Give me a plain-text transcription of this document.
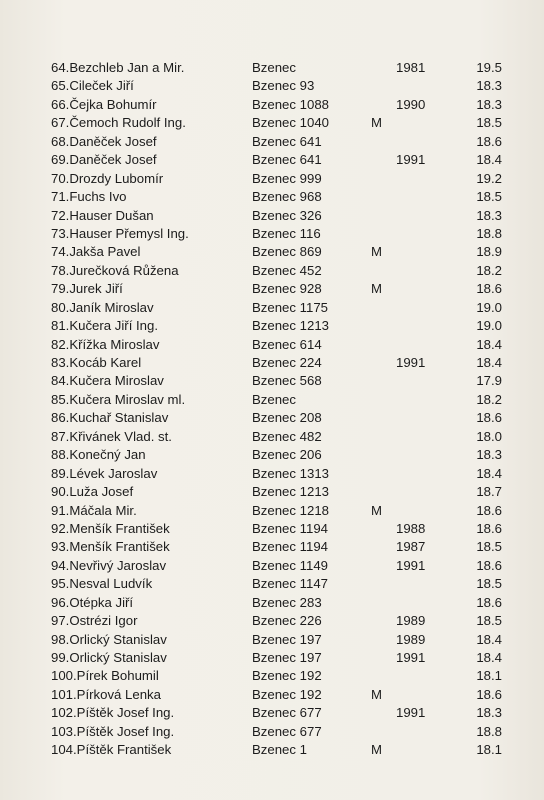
64.Bezchleb Jan a Mir.	Bzenec	1981	19.5
65.Cileček Jiří	Bzenec 93	18.3
66.Čejka Bohumír	Bzenec 1088	1990	18.3
67.Čemoch Rudolf Ing.	Bzenec 1040	M	18.5
68.Daněček Josef	Bzenec 641	18.6
69.Daněček Josef	Bzenec 641	1991	18.4
70.Drozdy Lubomír	Bzenec 999	19.2
71.Fuchs Ivo	Bzenec 968	18.5
72.Hauser Dušan	Bzenec 326	18.3
73.Hauser Přemysl Ing.	Bzenec 116	18.8
74.Jakša Pavel	Bzenec 869	M	18.9
78.Jurečková Růžena	Bzenec 452	18.2
79.Jurek Jiří	Bzenec 928	M	18.6
80.Janík Miroslav	Bzenec 1175	19.0
81.Kučera Jiří Ing.	Bzenec 1213	19.0
82.Křížka Miroslav	Bzenec 614	18.4
83.Kocáb Karel	Bzenec 224	1991	18.4
84.Kučera Miroslav	Bzenec 568	17.9
85.Kučera Miroslav ml.	Bzenec	18.2
86.Kuchař Stanislav	Bzenec 208	18.6
87.Křivánek Vlad. st.	Bzenec 482	18.0
88.Konečný Jan	Bzenec 206	18.3
89.Lévek Jaroslav	Bzenec 1313	18.4
90.Luža Josef	Bzenec 1213	18.7
91.Máčala Mir.	Bzenec 1218	M	18.6
92.Menšík František	Bzenec 1194	1988	18.6
93.Menšík František	Bzenec 1194	1987	18.5
94.Nevřivý Jaroslav	Bzenec 1149	1991	18.6
95.Nesval Ludvík	Bzenec 1147	18.5
96.Otépka Jiří	Bzenec 283	18.6
97.Ostrézi Igor	Bzenec 226	1989	18.5
98.Orlický Stanislav	Bzenec 197	1989	18.4
99.Orlický Stanislav	Bzenec 197	1991	18.4
100.Pírek Bohumil	Bzenec 192	18.1
101.Pírková Lenka	Bzenec 192	M	18.6
102.Píštěk Josef Ing.	Bzenec 677	1991	18.3
103.Píštěk Josef Ing.	Bzenec 677	18.8
104.Píštěk František	Bzenec 1	M	18.1
